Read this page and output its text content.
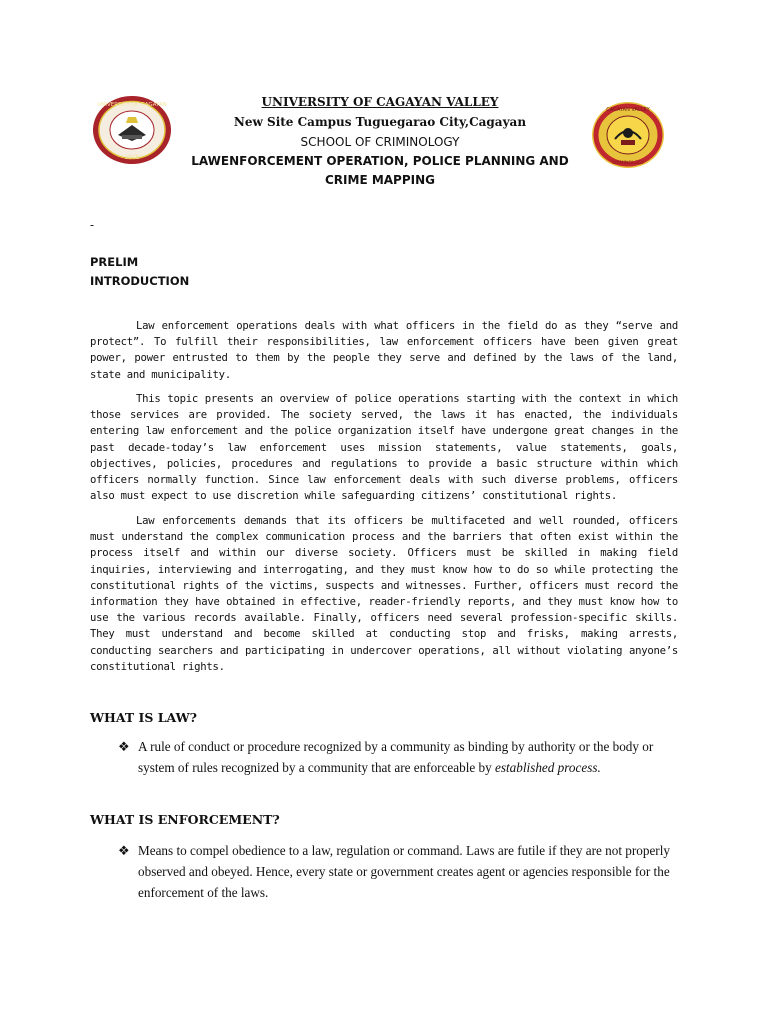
UNIVERSITY OF CAGAYAN
1948
CAGAYAN VALLEY
CRIMINOLOGY
UNIVERSITY OF CAGAYAN VALLEY
New Site Campus Tuguegarao City,Cagayan
SCHOOL OF CRIMINOLOGY
LAWENFORCEMENT OPERATION, POLICE PLANNING AND
CRIME MAPPING
-
PRELIM
INTRODUCTION

Law enforcement operations deals with what officers in the field do as they “serve and protect”. To fulfill their responsibilities, law enforcement officers have been given great power, power entrusted to them by the people they serve and defined by the laws of the land, state and municipality.

This topic presents an overview of police operations starting with the context in which those services are provided. The society served, the laws it has enacted, the individuals entering law enforcement and the police organization itself have undergone great changes in the past decade-today’s law enforcement uses mission statements, value statements, goals, objectives, policies, procedures and regulations to provide a basic structure within which officers normally function. Since law enforcement deals with such diverse problems, officers also must expect to use discretion while safeguarding citizens’ constitutional rights.

Law enforcements demands that its officers be multifaceted and well rounded, officers must understand the complex communication process and the barriers that often exist within the process itself and within our diverse society. Officers must be skilled in making field inquiries, interviewing and interrogating, and they must know how to do so while protecting the constitutional rights of the victims, suspects and witnesses. Further, officers must record the information they have obtained in effective, reader-friendly reports, and they must know how to use the various records available. Finally, officers need several profession-specific skills. They must understand and become skilled at conducting stop and frisks, making arrests, conducting searchers and participating in undercover operations, all without violating anyone’s constitutional rights.

WHAT IS LAW?
❖ A rule of conduct or procedure recognized by a community as binding by authority or the body or system of rules recognized by a community that are enforceable by established process.
WHAT IS ENFORCEMENT?
❖ Means to compel obedience to a law, regulation or command. Laws are futile if they are not properly observed and obeyed. Hence, every state or government creates agent or agencies responsible for the enforcement of the laws.
